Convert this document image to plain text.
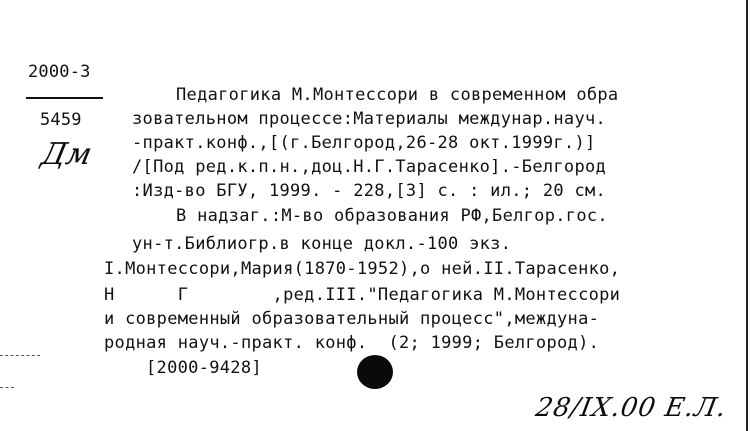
2000-3
5459
Дм
Педагогика М.Монтессори в современном обра
зовательном процессе:Материалы междунар.науч.
-практ.конф.,[(г.Белгород,26-28 окт.1999г.)]
/[Под ред.к.п.н.,доц.Н.Г.Тарасенко].-Белгород
:Изд-во БГУ, 1999. - 228,[3] с. : ил.; 20 см.
В надзаг.:М-во образования РФ,Белгор.гос.
ун-т.Библиогр.в конце докл.-100 экз.
I.Монтессори,Мария(1870-1952),о ней.II.Тарасенко,
Н      Г        ,ред.III."Педагогика М.Монтессори
и современный образовательный процесс",междуна-
родная науч.-практ. конф.  (2; 1999; Белгород).
[2000-9428]
28/IX.00 Е.Л.
